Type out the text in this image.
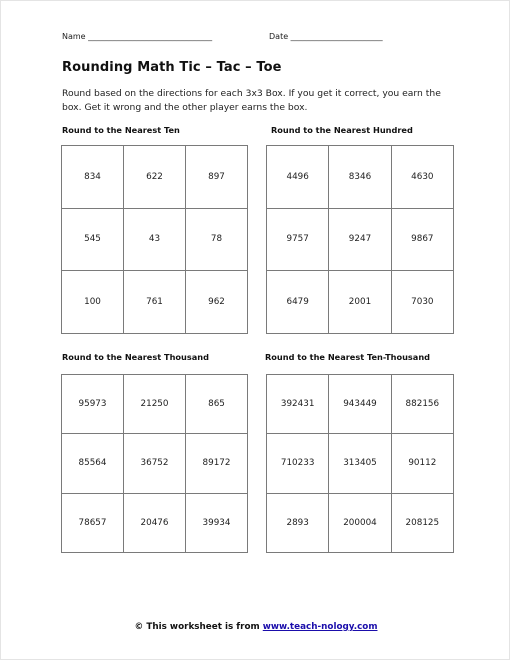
Name _______________________________	Date _______________________
Rounding Math Tic – Tac – Toe
Round based on the directions for each 3x3 Box. If you get it correct, you earn the box. Get it wrong and the other player earns the box.
Round to the Nearest Ten
834	622	897
545	43	78
100	761	962
Round to the Nearest Hundred
4496	8346	4630
9757	9247	9867
6479	2001	7030
Round to the Nearest Thousand
95973	21250	865
85564	36752	89172
78657	20476	39934
Round to the Nearest Ten-Thousand
392431	943449	882156
710233	313405	90112
2893	200004	208125
© This worksheet is from www.teach-nology.com
